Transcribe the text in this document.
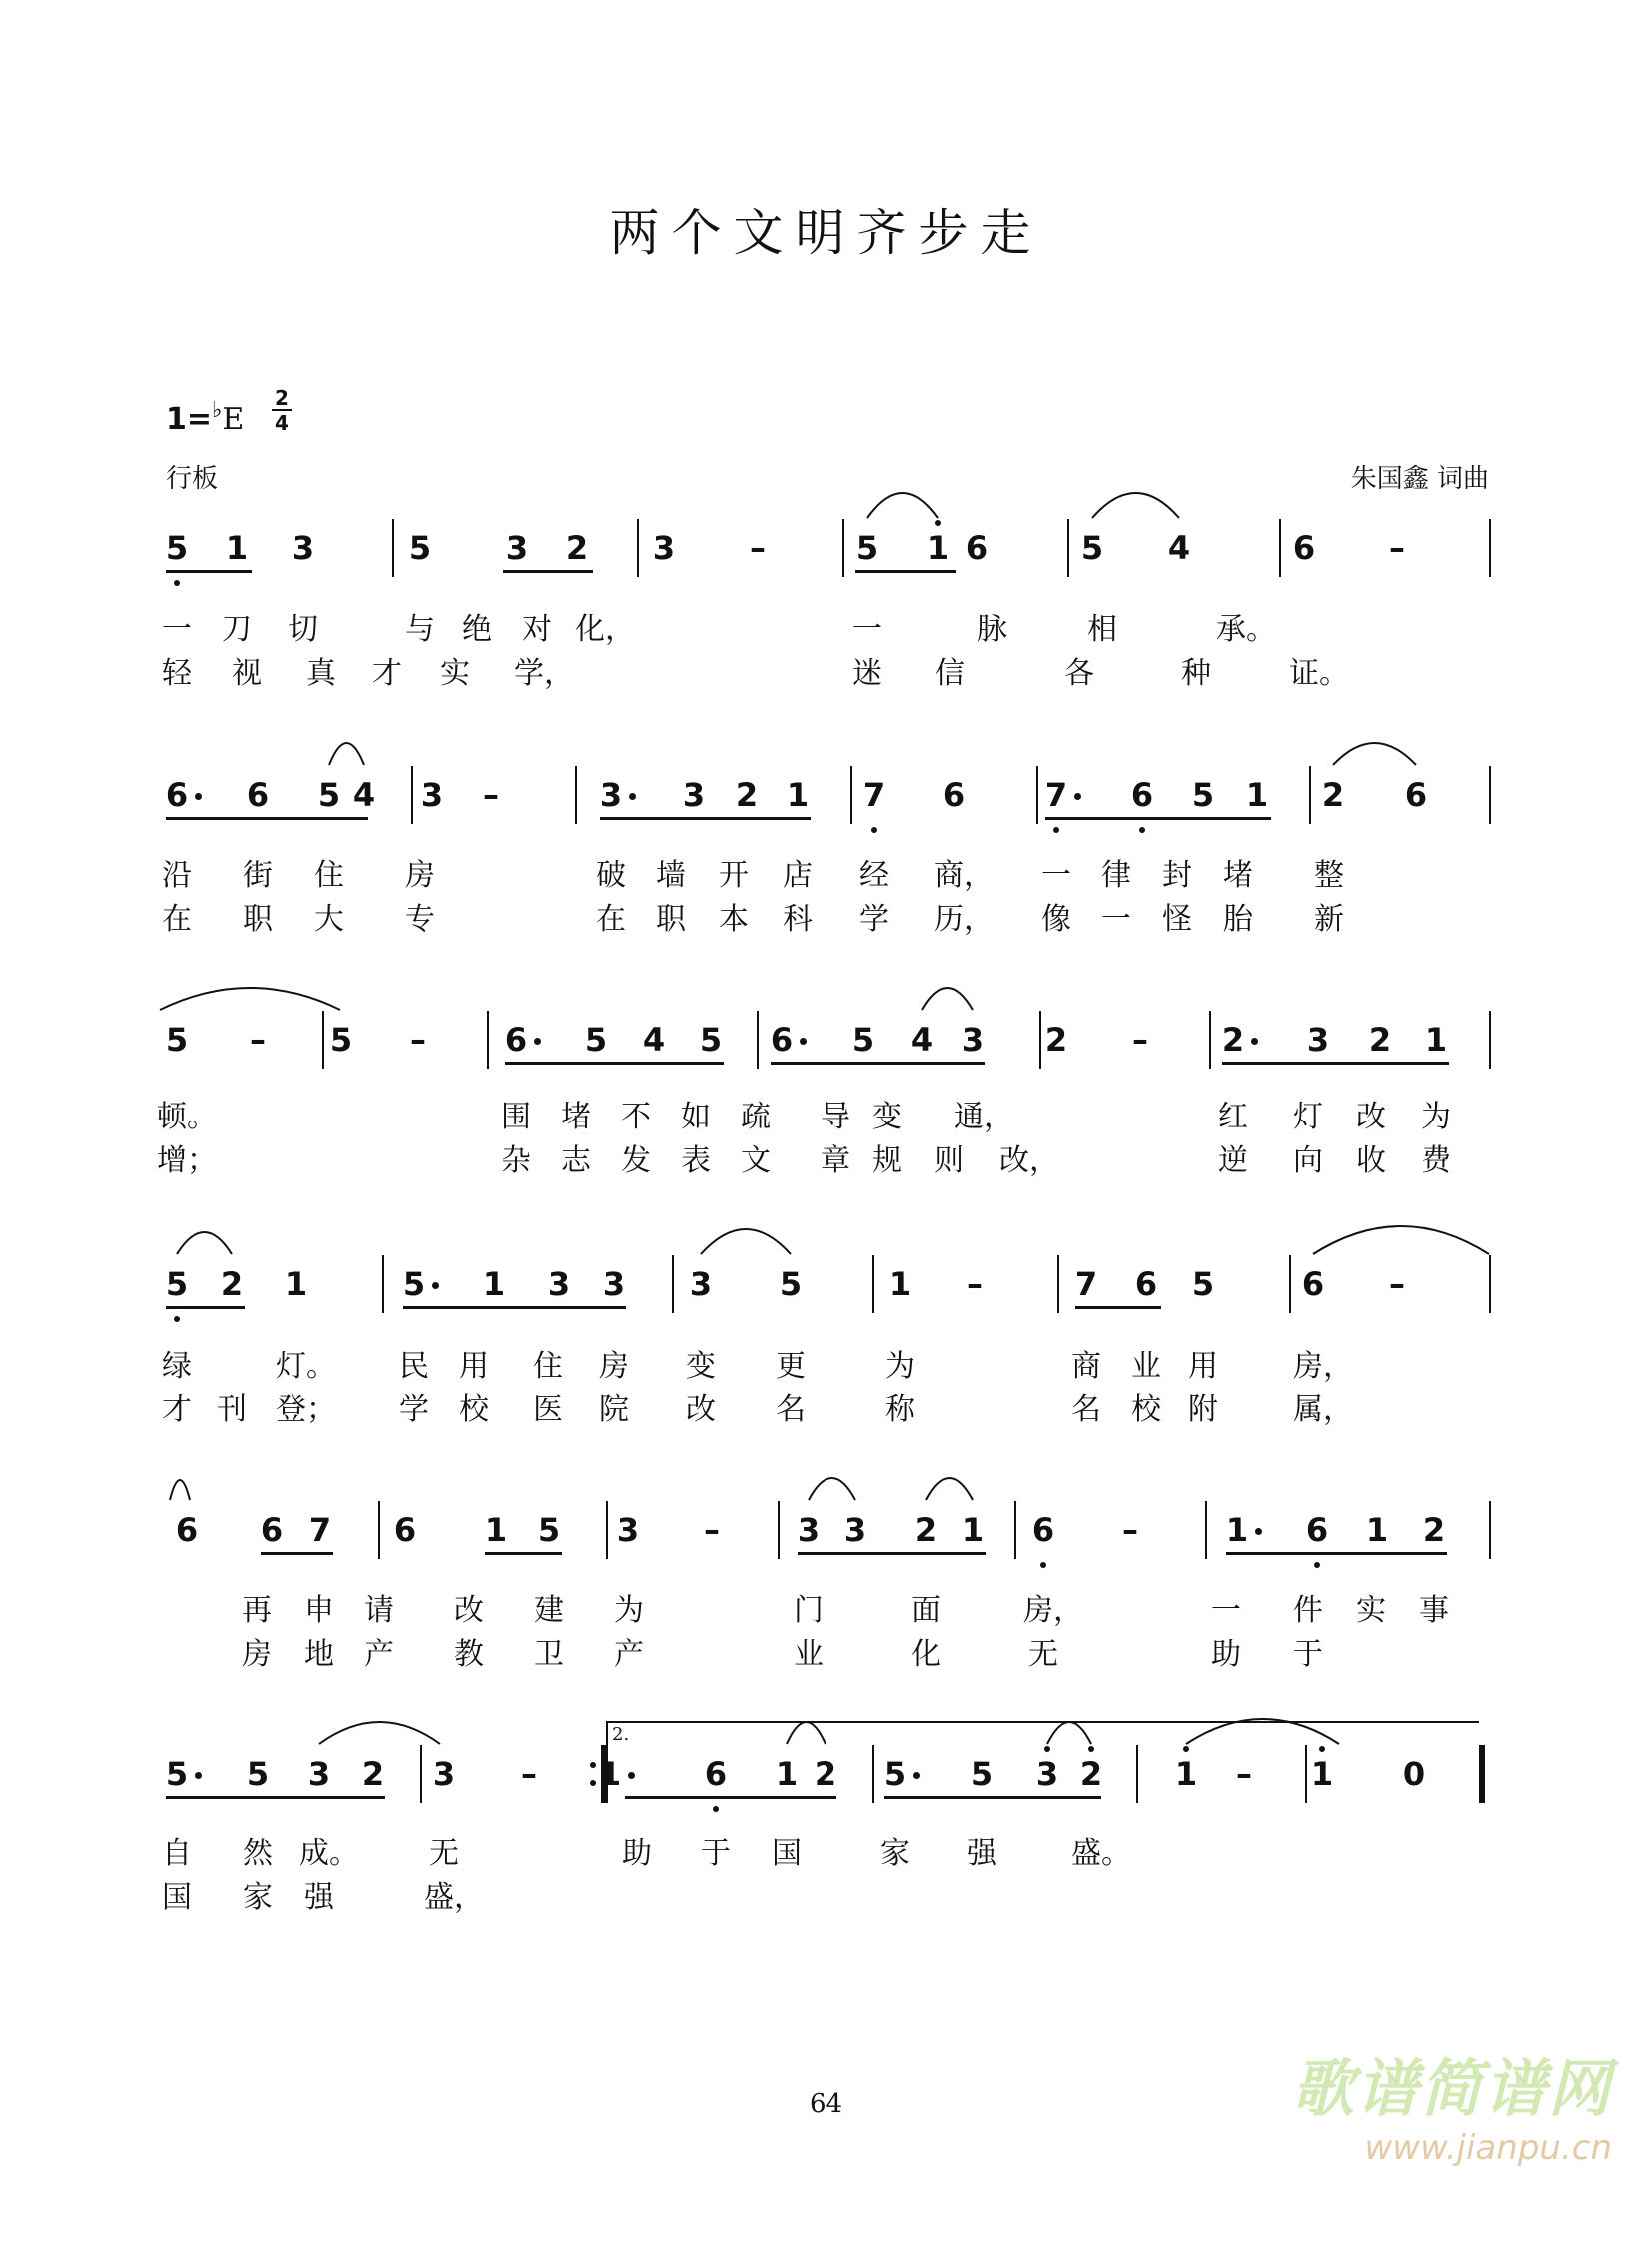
两个文明齐步走
1=♭E
2
4
行板	朱国鑫 词曲
5 1 3	5 3 2 3 –	5 1 6	5 4	6 –
一 刀 切	与 绝 对 化，	一	脉	相	承。
轻 视 真 才 实 学，	迷 信	各	种	证。
6 6 5 4 3 –	3 3 2 1 7 6 7 6 5 1 2 6
沿 街 住 房	破 墙 开 店 经 商， 一 律 封 堵 整
在 职 大 专	在 职 本 科 学 历， 像 一 怪 胎 新
5 – 5 – 6 5 4 5 6 5 4 3 2 – 2 3 2 1
顿。	围 堵 不 如 疏 导 变 通，	红 灯 改 为
增；	杂 志 发 表 文 章 规 则 改，	逆 向 收 费
5 2 1	5 1 3 3 3 5	1 –	7 6 5	6 –
绿	灯。 民 用 住 房 变 更	为	商 业 用	房，
才 刊 登； 学 校 医 院 改 名	称	名 校 附	属，
6 6 7 6 1 5 3 – 3 3 2 1 6 –	1 6 1 2
再 申 请 改 建 为	门	面	房，	一 件 实 事
房 地 产 教 卫 产	业	化	无	助 于
5 5 3 2 3 – 1	6 1 2 5 5 3 2 1 – 1 0
自 然 成。 无	助 于 国	家 强 盛。
国 家 强	盛，
2.
64	歌谱简谱网
www.jianpu.cn
